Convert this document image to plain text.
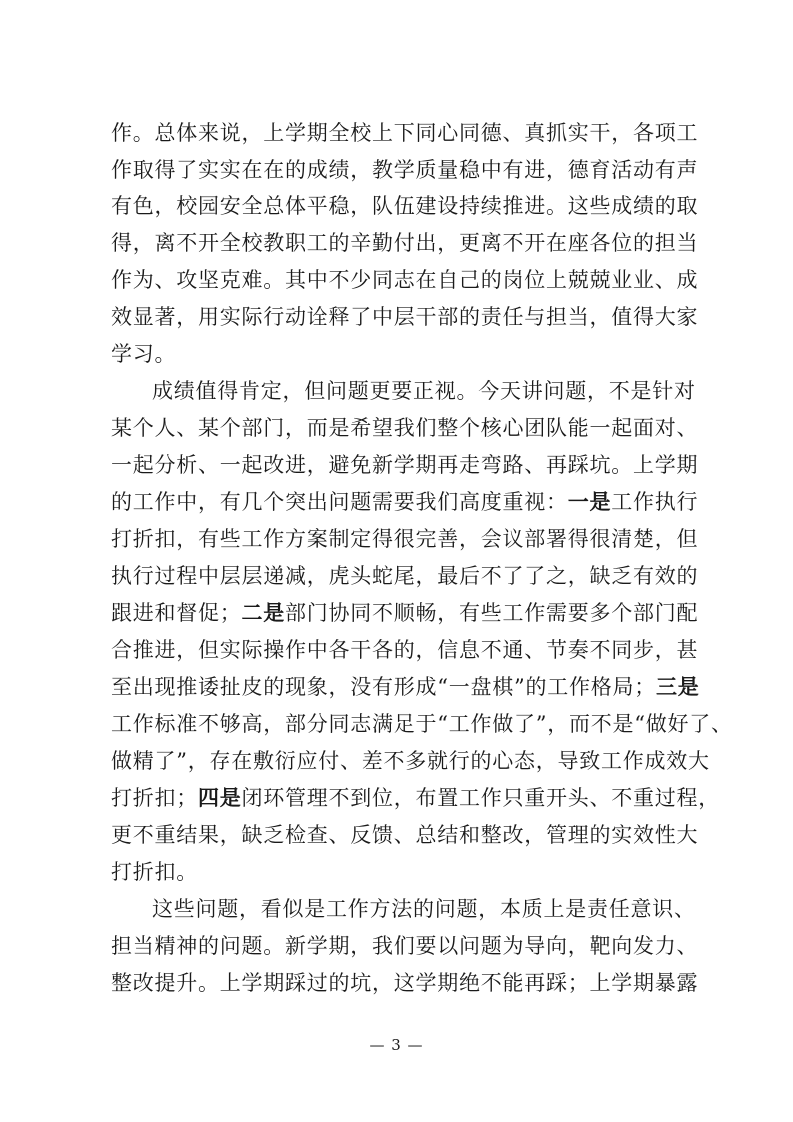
作。总体来说，上学期全校上下同心同德、真抓实干，各项工
作取得了实实在在的成绩，教学质量稳中有进，德育活动有声
有色，校园安全总体平稳，队伍建设持续推进。这些成绩的取
得，离不开全校教职工的辛勤付出，更离不开在座各位的担当
作为、攻坚克难。其中不少同志在自己的岗位上兢兢业业、成
效显著，用实际行动诠释了中层干部的责任与担当，值得大家
学习。
成绩值得肯定，但问题更要正视。今天讲问题，不是针对
某个人、某个部门，而是希望我们整个核心团队能一起面对、
一起分析、一起改进，避免新学期再走弯路、再踩坑。上学期
的工作中，有几个突出问题需要我们高度重视：一是工作执行
打折扣，有些工作方案制定得很完善，会议部署得很清楚，但
执行过程中层层递减，虎头蛇尾，最后不了了之，缺乏有效的
跟进和督促；二是部门协同不顺畅，有些工作需要多个部门配
合推进，但实际操作中各干各的，信息不通、节奏不同步，甚
至出现推诿扯皮的现象，没有形成“一盘棋”的工作格局；三是
工作标准不够高，部分同志满足于“工作做了”，而不是“做好了、
做精了”，存在敷衍应付、差不多就行的心态，导致工作成效大
打折扣；四是闭环管理不到位，布置工作只重开头、不重过程，
更不重结果，缺乏检查、反馈、总结和整改，管理的实效性大
打折扣。
这些问题，看似是工作方法的问题，本质上是责任意识、
担当精神的问题。新学期，我们要以问题为导向，靶向发力、
整改提升。上学期踩过的坑，这学期绝不能再踩；上学期暴露
— 3 —
